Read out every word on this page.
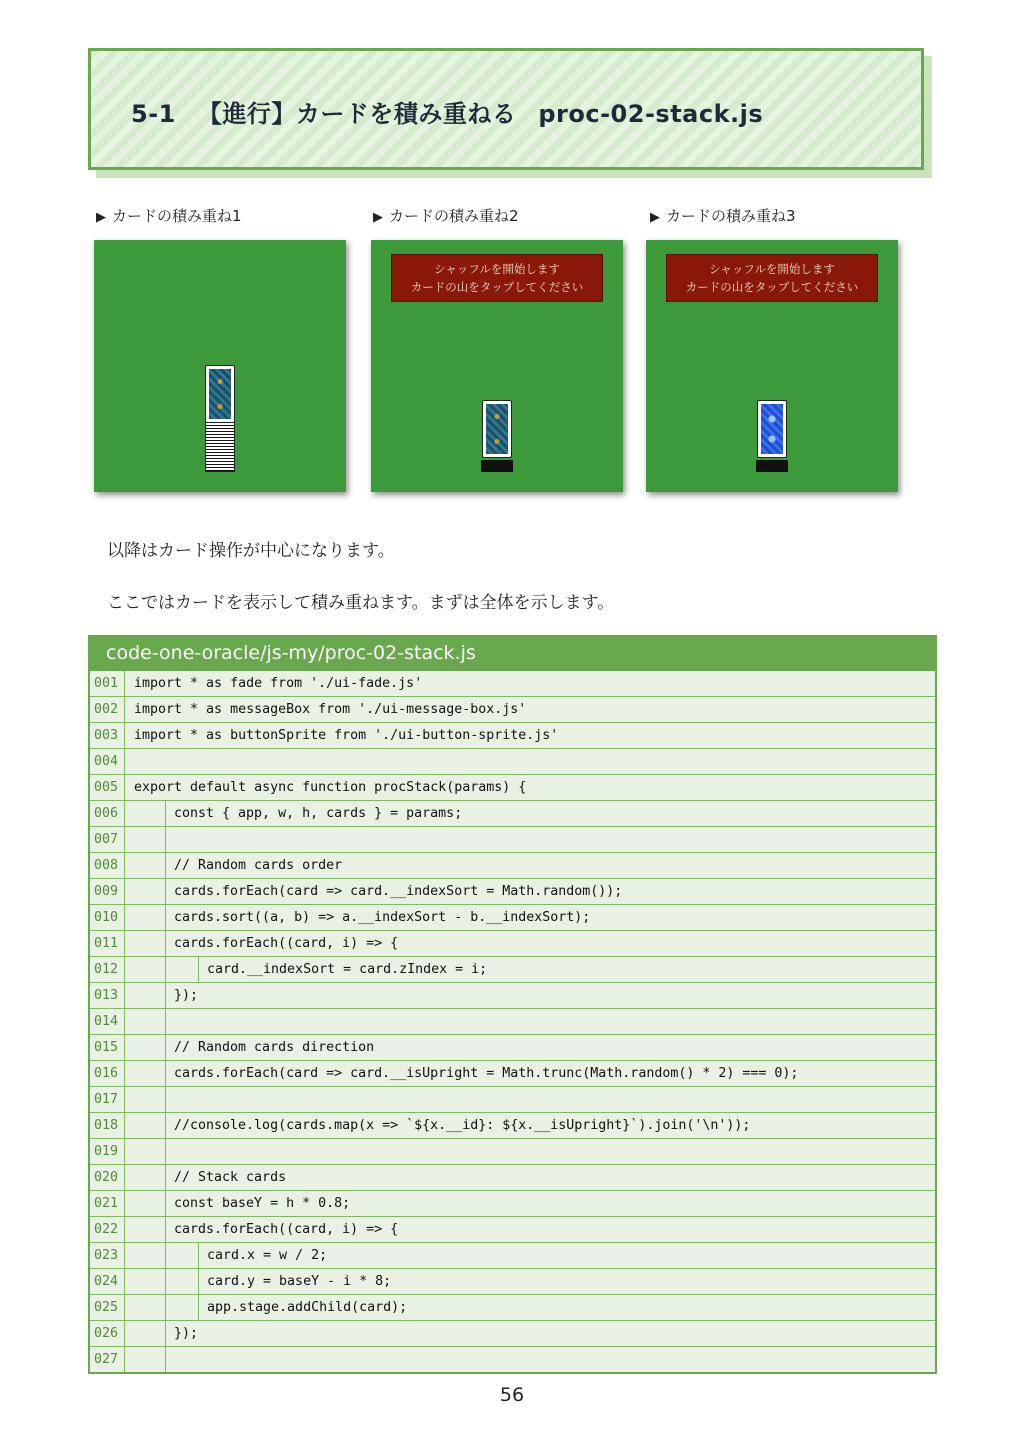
5-1 【進行】カードを積み重ねる proc-02-stack.js
▶ カードの積み重ね1	▶ カードの積み重ね2
シャッフルを開始します
カードの山をタップしてください
▶ カードの積み重ね3
シャッフルを開始します
カードの山をタップしてください
以降はカード操作が中心になります。
ここではカードを表示して積み重ねます。まずは全体を示します。
code-one-oracle/js-my/proc-02-stack.js
001	import * as fade from './ui-fade.js'
002	import * as messageBox from './ui-message-box.js'
003	import * as buttonSprite from './ui-button-sprite.js'
004
005	export default async function procStack(params) {
006	const { app, w, h, cards } = params;
007
008	// Random cards order
009	cards.forEach(card => card.__indexSort = Math.random());
010	cards.sort((a, b) => a.__indexSort - b.__indexSort);
011	cards.forEach((card, i) => {
012	card.__indexSort = card.zIndex = i;
013	});
014
015	// Random cards direction
016	cards.forEach(card => card.__isUpright = Math.trunc(Math.random() * 2) === 0);
017
018	//console.log(cards.map(x => `${x.__id}: ${x.__isUpright}`).join('\n'));
019
020	// Stack cards
021	const baseY = h * 0.8;
022	cards.forEach((card, i) => {
023	card.x = w / 2;
024	card.y = baseY - i * 8;
025	app.stage.addChild(card);
026	});
027
56
